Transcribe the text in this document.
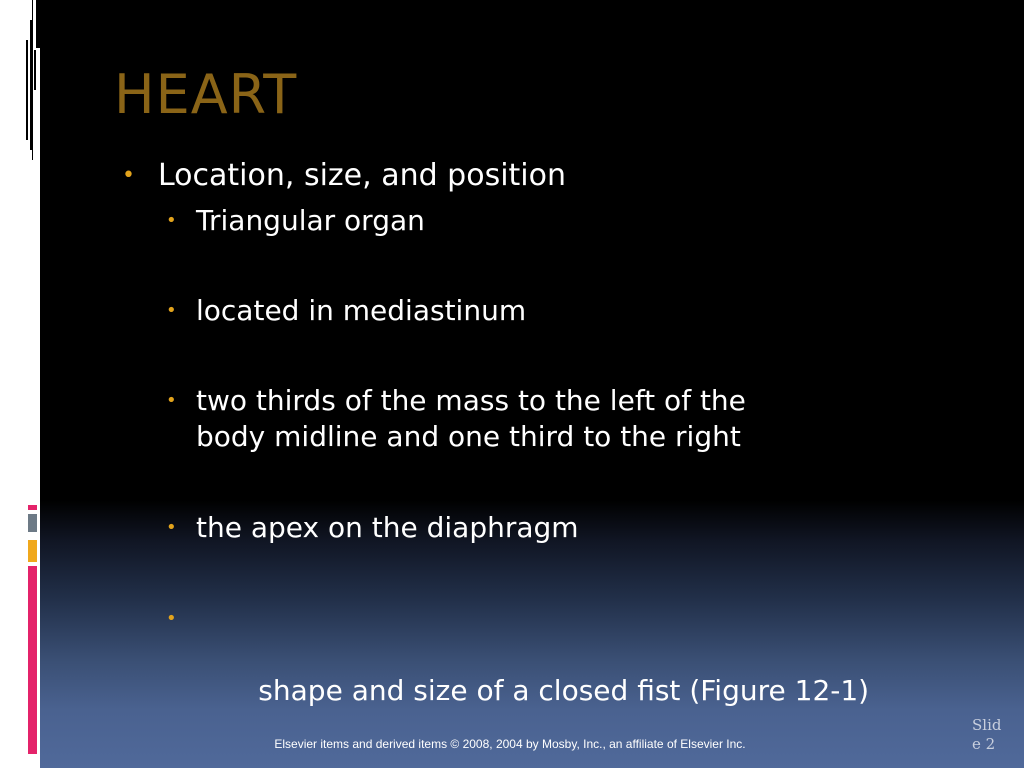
HEART
• Location, size, and position
• Triangular organ
• located in mediastinum
• two thirds of the mass to the left of the
body midline and one third to the right
• the apex on the diaphragm

•

shape and size of a closed fist (Figure 12-1)

Elsevier items and derived items © 2008, 2004 by Mosby, Inc., an affiliate of Elsevier Inc.
Slide 2
